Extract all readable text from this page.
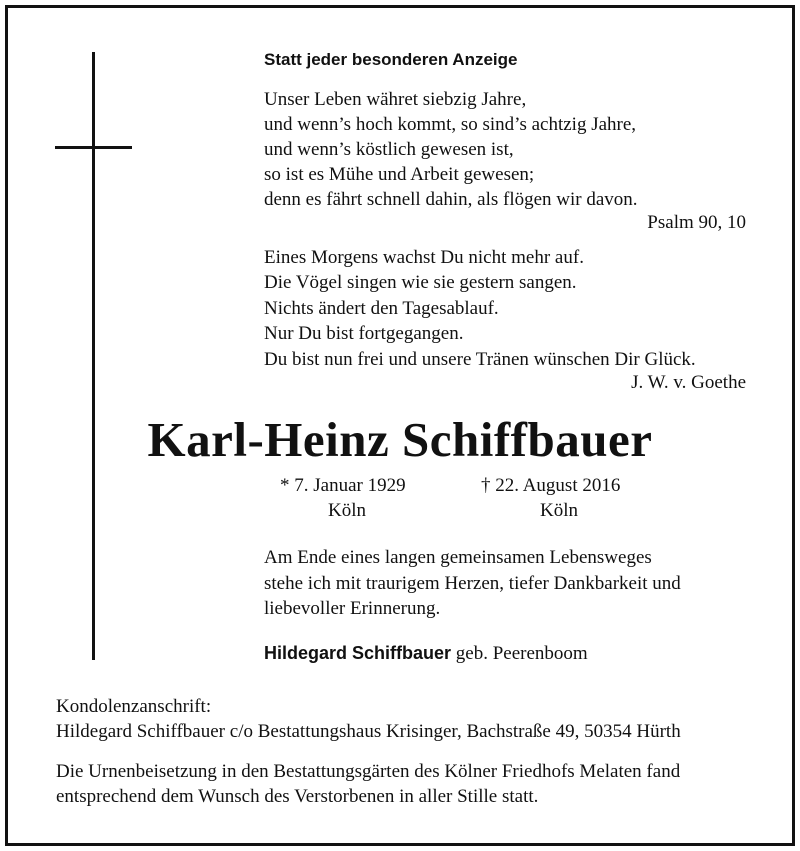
Statt jeder besonderen Anzeige
Unser Leben währet siebzig Jahre,
und wenn’s hoch kommt, so sind’s achtzig Jahre,
und wenn’s köstlich gewesen ist,
so ist es Mühe und Arbeit gewesen;
denn es fährt schnell dahin, als flögen wir davon.
Psalm 90, 10
Eines Morgens wachst Du nicht mehr auf.
Die Vögel singen wie sie gestern sangen.
Nichts ändert den Tagesablauf.
Nur Du bist fortgegangen.
Du bist nun frei und unsere Tränen wünschen Dir Glück.
J. W. v. Goethe
Karl-Heinz Schiffbauer
* 7. Januar 1929
Köln
† 22. August 2016
Köln
Am Ende eines langen gemeinsamen Lebensweges
stehe ich mit traurigem Herzen, tiefer Dankbarkeit und
liebevoller Erinnerung.
Hildegard Schiffbauer geb. Peerenboom
Kondolenzanschrift:
Hildegard Schiffbauer c/o Bestattungshaus Krisinger, Bachstraße 49, 50354 Hürth
Die Urnenbeisetzung in den Bestattungsgärten des Kölner Friedhofs Melaten fand
entsprechend dem Wunsch des Verstorbenen in aller Stille statt.
